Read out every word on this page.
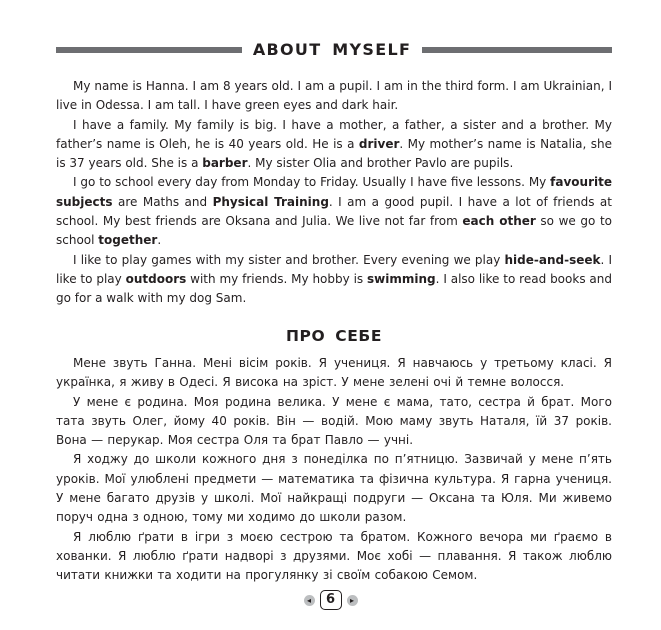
ABOUT MYSELF

My name is Hanna. I am 8 years old. I am a pupil. I am in the third form. I am Ukrainian, I live in Odessa. I am tall. I have green eyes and dark hair.

I have a family. My family is big. I have a mother, a father, a sister and a brother. My father’s name is Oleh, he is 40 years old. He is a driver. My mother’s name is Natalia, she is 37 years old. She is a barber. My sister Olia and brother Pavlo are pupils.

I go to school every day from Monday to Friday. Usually I have five lessons. My favourite subjects are Maths and Physical Training. I am a good pupil. I have a lot of friends at school. My best friends are Oksana and Julia. We live not far from each other so we go to school together.

I like to play games with my sister and brother. Every evening we play hide-and-seek. I like to play outdoors with my friends. My hobby is swimming. I also like to read books and go for a walk with my dog Sam.

ПРО СЕБЕ

Мене звуть Ганна. Мені вісім років. Я учениця. Я навчаюсь у третьому класі. Я українка, я живу в Одесі. Я висока на зріст. У мене зелені очі й темне волосся.

У мене є родина. Моя родина велика. У мене є мама, тато, сестра й брат. Мого тата звуть Олег, йому 40 років. Він — водій. Мою маму звуть Наталя, їй 37 років. Вона — перукар. Моя сестра Оля та брат Павло — учні.

Я ходжу до школи кожного дня з понеділка по п’ятницю. Зазвичай у мене п’ять уроків. Мої улюблені предмети — математика та фізична культура. Я гарна учениця. У мене багато друзів у школі. Мої найкращі подруги — Оксана та Юля. Ми живемо поруч одна з одною, тому ми ходимо до школи разом.

Я люблю ґрати в ігри з моєю сестрою та братом. Кожного вечора ми ґраємо в хованки. Я люблю ґрати надворі з друзями. Моє хобі — плавання. Я також люблю читати книжки та ходити на прогулянку зі своїм собакою Семом.

◂	6	▸
